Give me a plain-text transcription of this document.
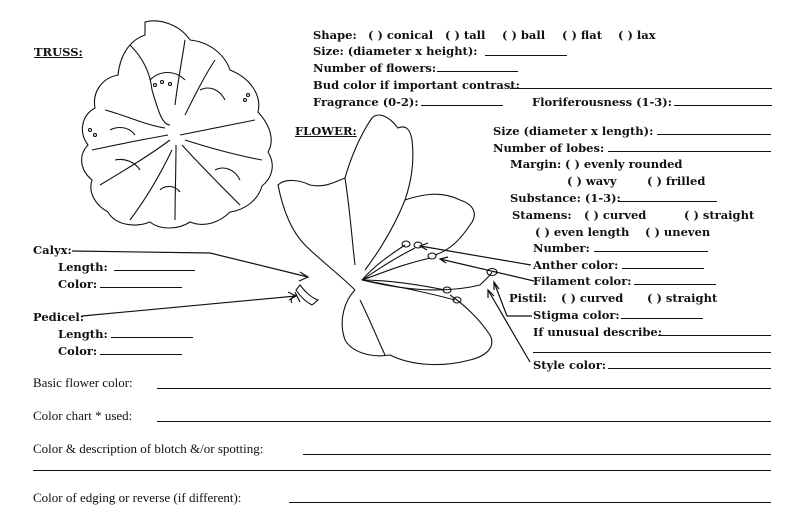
TRUSS:
Shape: ( ) conical ( ) tall ( ) ball ( ) flat ( ) lax
Size: (diameter x height):
Number of flowers:
Bud color if important contrast:
Fragrance (0-2):	Floriferousness (1-3):
FLOWER:	Size (diameter x length):
Number of lobes:
Margin: ( ) evenly rounded
( ) wavy	( ) frilled
Substance: (1-3):
Stamens: ( ) curved	( ) straight
( ) even length ( ) uneven
Number:
Anther color:
Filament color:
Pistil: ( ) curved ( ) straight
Stigma color:
If unusual describe:
Style color:
Calyx:
Length:
Color:
Pedicel:
Length:
Color:
Basic flower color:
Color chart * used:
Color & description of blotch &/or spotting:
Color of edging or reverse (if different):
